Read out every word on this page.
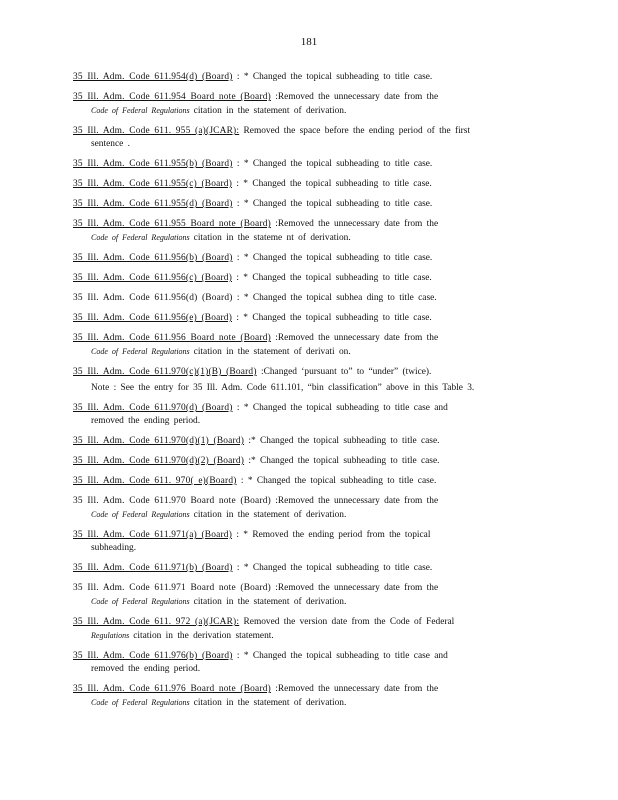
181
35 Ill. Adm. Code 611.954(d) (Board) : * Changed the topical subheading to title case.
35 Ill. Adm. Code 611.954 Board note (Board) :Removed the unnecessary date from the
Code of Federal Regulations citation in the statement of derivation.
35 Ill. Adm. Code 611. 955 (a)(JCAR): Removed the space before the ending period of the first
sentence .
35 Ill. Adm. Code 611.955(b) (Board) : * Changed the topical subheading to title case.
35 Ill. Adm. Code 611.955(c) (Board) : * Changed the topical subheading to title case.
35 Ill. Adm. Code 611.955(d) (Board) : * Changed the topical subheading to title case.
35 Ill. Adm. Code 611.955 Board note (Board) :Removed the unnecessary date from the
Code of Federal Regulations citation in the stateme nt of derivation.
35 Ill. Adm. Code 611.956(b) (Board) : * Changed the topical subheading to title case.
35 Ill. Adm. Code 611.956(c) (Board) : * Changed the topical subheading to title case.
35 Ill. Adm. Code 611.956(d) (Board) : * Changed the topical subhea ding to title case.
35 Ill. Adm. Code 611.956(e) (Board) : * Changed the topical subheading to title case.
35 Ill. Adm. Code 611.956 Board note (Board) :Removed the unnecessary date from the
Code of Federal Regulations citation in the statement of derivati on.
35 Ill. Adm. Code 611.970(c)(1)(B) (Board) :Changed ‘pursuant to” to “under” (twice).
Note : See the entry for 35 Ill. Adm. Code 611.101, “bin classification” above in this Table 3.
35 Ill. Adm. Code 611.970(d) (Board) : * Changed the topical subheading to title case and
removed the ending period.
35 Ill. Adm. Code 611.970(d)(1) (Board) :* Changed the topical subheading to title case.
35 Ill. Adm. Code 611.970(d)(2) (Board) :* Changed the topical subheading to title case.
35 Ill. Adm. Code 611. 970( e)(Board) : * Changed the topical subheading to title case.
35 Ill. Adm. Code 611.970 Board note (Board) :Removed the unnecessary date from the
Code of Federal Regulations citation in the statement of derivation.
35 Ill. Adm. Code 611.971(a) (Board) : * Removed the ending period from the topical
subheading.
35 Ill. Adm. Code 611.971(b) (Board) : * Changed the topical subheading to title case.
35 Ill. Adm. Code 611.971 Board note (Board) :Removed the unnecessary date from the
Code of Federal Regulations citation in the statement of derivation.
35 Ill. Adm. Code 611. 972 (a)(JCAR): Removed the version date from the Code of Federal
Regulations citation in the derivation statement.
35 Ill. Adm. Code 611.976(b) (Board) : * Changed the topical subheading to title case and
removed the ending period.
35 Ill. Adm. Code 611.976 Board note (Board) :Removed the unnecessary date from the
Code of Federal Regulations citation in the statement of derivation.
